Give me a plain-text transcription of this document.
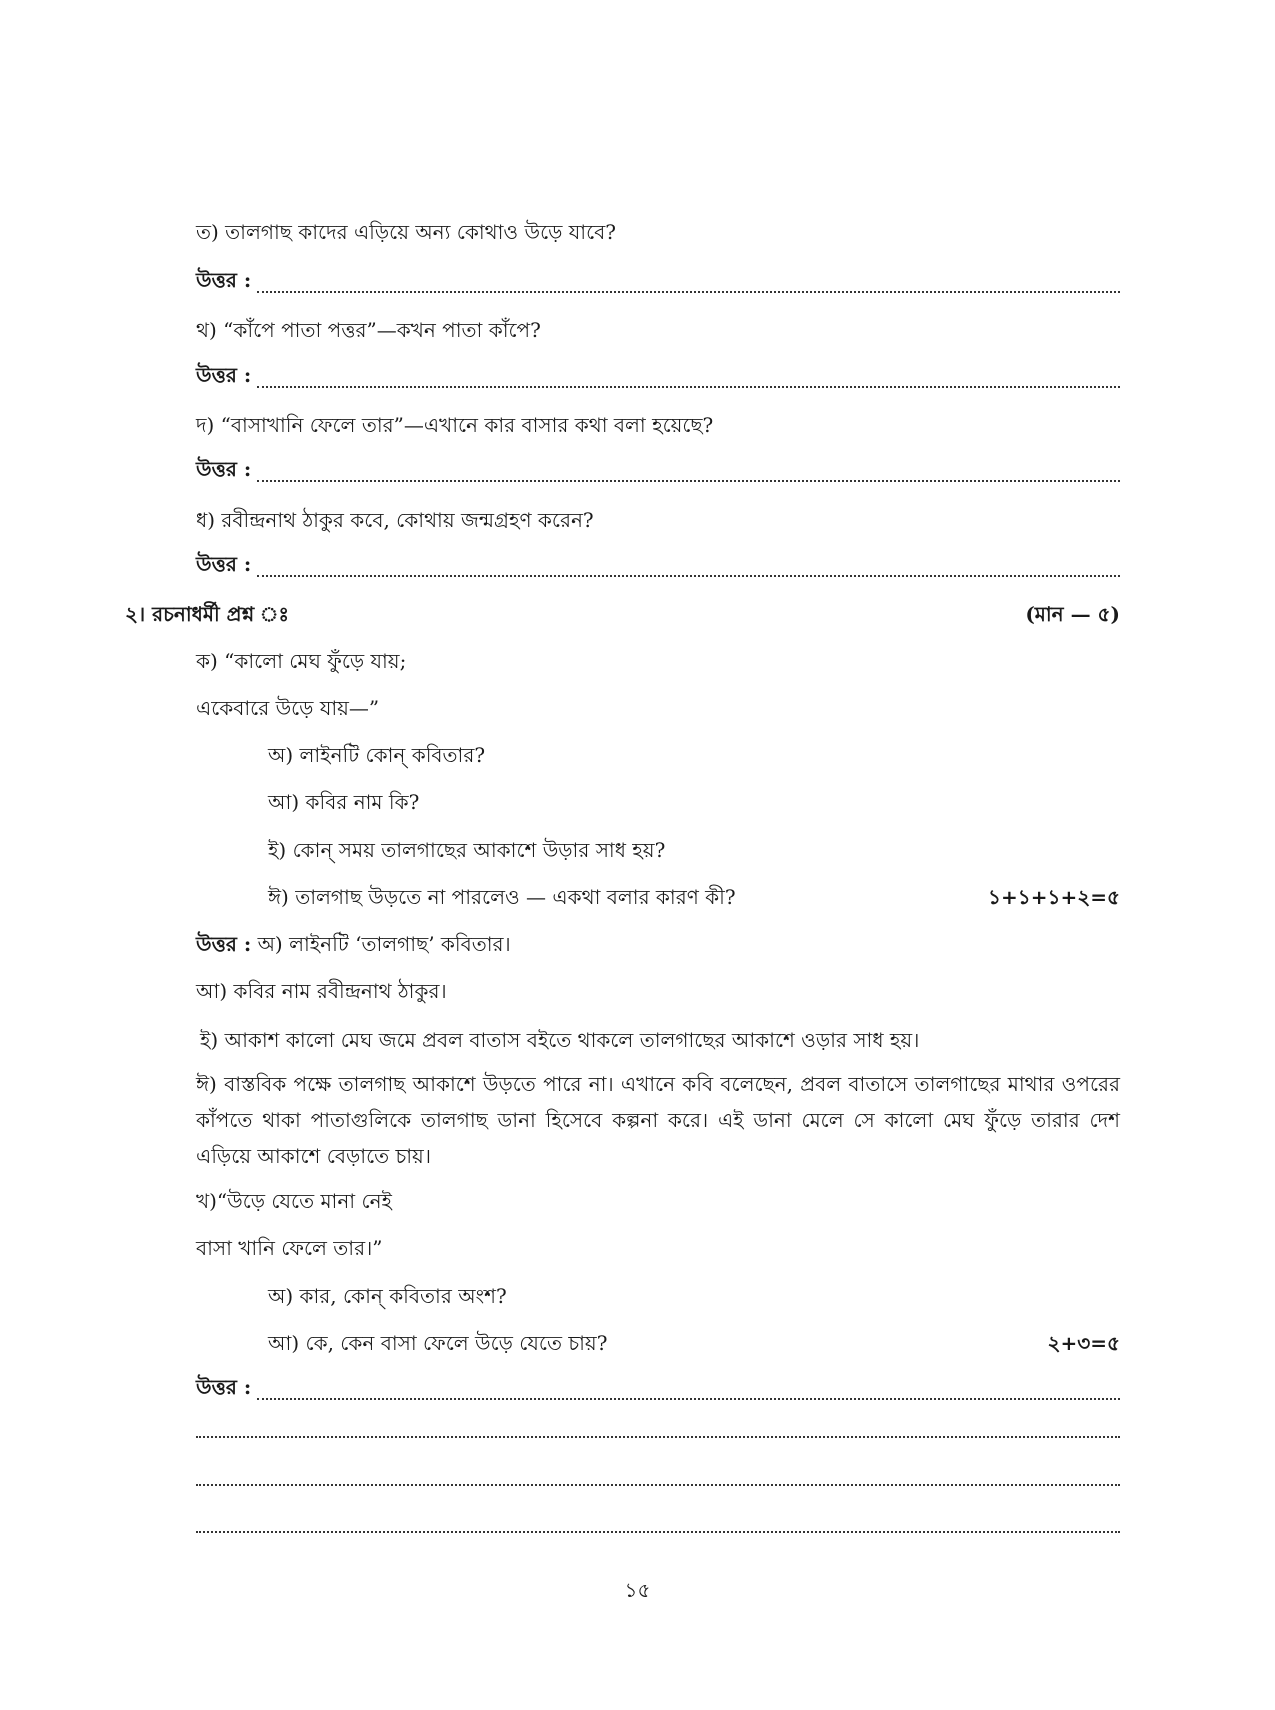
ত) তালগাছ কাদের এড়িয়ে অন্য কোথাও উড়ে যাবে?
উত্তর :
থ) “কাঁপে পাতা পত্তর”—কখন পাতা কাঁপে?
উত্তর :
দ) “বাসাখানি ফেলে তার”—এখানে কার বাসার কথা বলা হয়েছে?
উত্তর :
ধ) রবীন্দ্রনাথ ঠাকুর কবে, কোথায় জন্মগ্রহণ করেন?
উত্তর :
২। রচনাধর্মী প্রশ্ন ঃ	(মান — ৫)
ক) “কালো মেঘ ফুঁড়ে যায়;
একেবারে উড়ে যায়—”
অ) লাইনটি কোন্ কবিতার?
আ) কবির নাম কি?
ই) কোন্ সময় তালগাছের আকাশে উড়ার সাধ হয়?
ঈ) তালগাছ উড়তে না পারলেও — একথা বলার কারণ কী?	১+১+১+২=৫
উত্তর : অ) লাইনটি ‘তালগাছ’ কবিতার।
আ) কবির নাম রবীন্দ্রনাথ ঠাকুর।
ই) আকাশ কালো মেঘ জমে প্রবল বাতাস বইতে থাকলে তালগাছের আকাশে ওড়ার সাধ হয়।
ঈ) বাস্তবিক পক্ষে তালগাছ আকাশে উড়তে পারে না। এখানে কবি বলেছেন, প্রবল বাতাসে তালগাছের মাথার ওপরের কাঁপতে থাকা পাতাগুলিকে তালগাছ ডানা হিসেবে কল্পনা করে। এই ডানা মেলে সে কালো মেঘ ফুঁড়ে তারার দেশ এড়িয়ে আকাশে বেড়াতে চায়।
খ)“উড়ে যেতে মানা নেই
বাসা খানি ফেলে তার।”
অ) কার, কোন্ কবিতার অংশ?
আ) কে, কেন বাসা ফেলে উড়ে যেতে চায়?	২+৩=৫
উত্তর :
১৫
